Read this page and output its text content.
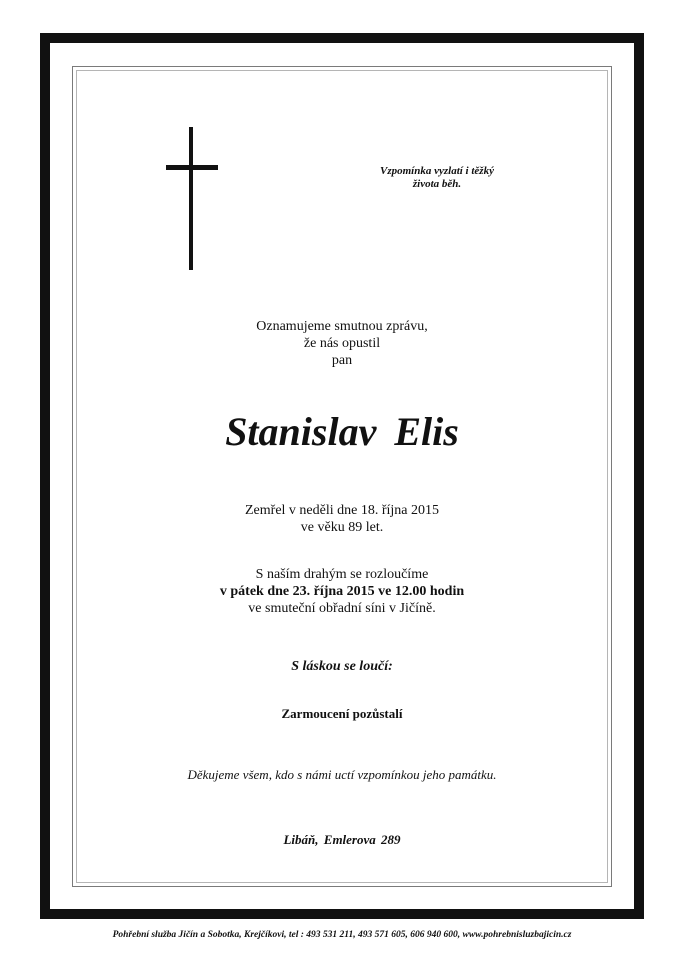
Vzpomínka vyzlatí i těžký
života běh.
Oznamujeme smutnou zprávu,
že nás opustil
pan
Stanislav Elis
Zemřel v neděli dne 18. října 2015
ve věku 89 let.
S naším drahým se rozloučíme
v pátek dne 23. října 2015 ve 12.00 hodin
ve smuteční obřadní síni v Jičíně.
S láskou se loučí:
Zarmoucení pozůstalí
Děkujeme všem, kdo s námi uctí vzpomínkou jeho památku.
Libáň, Emlerova 289
Pohřební služba Jičín a Sobotka, Krejčíkovi, tel : 493 531 211, 493 571 605, 606 940 600, www.pohrebnisluzbajicin.cz
